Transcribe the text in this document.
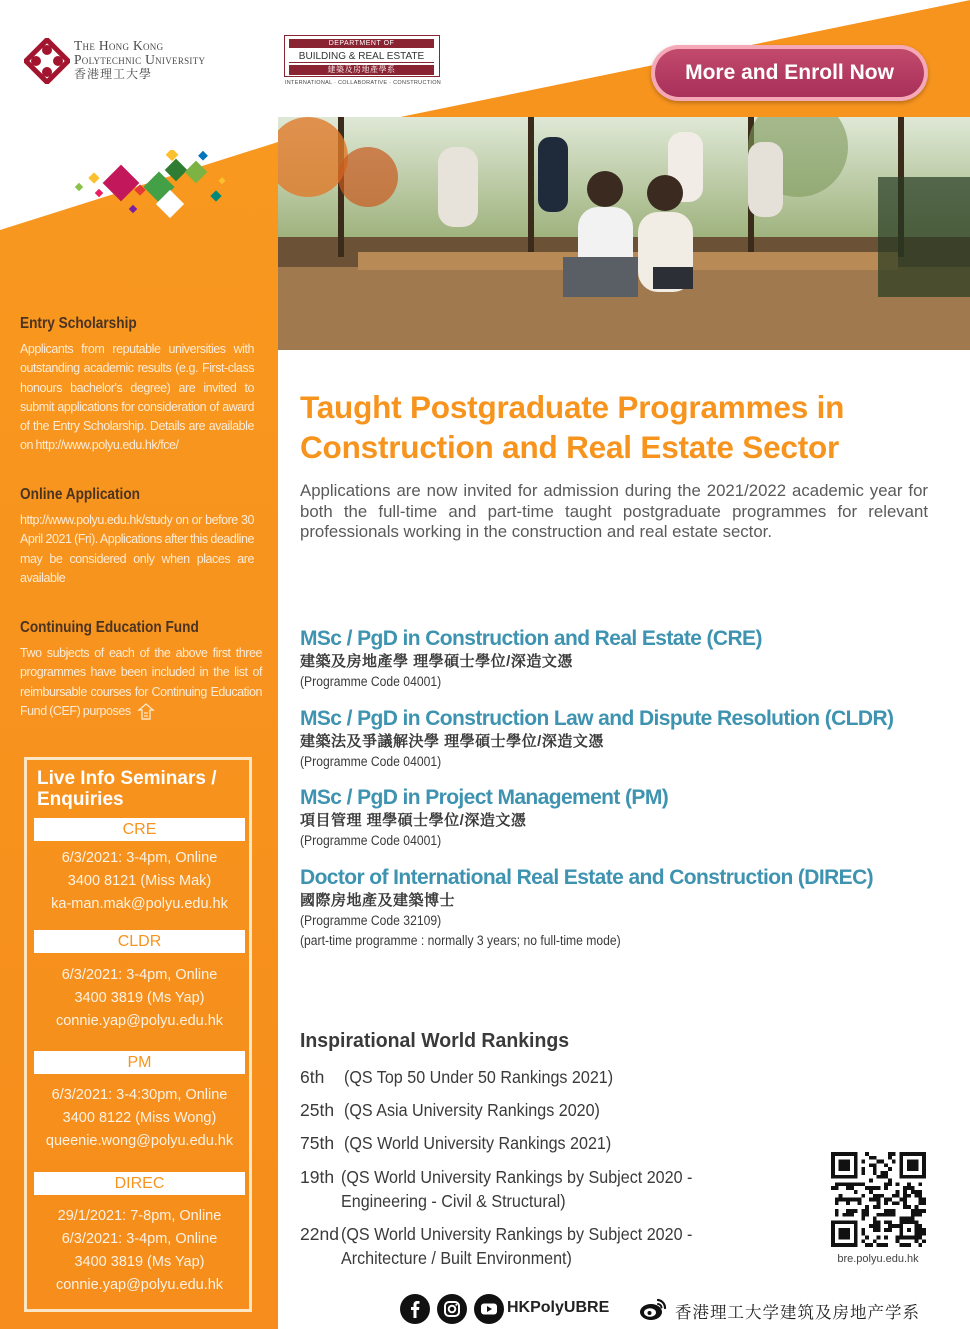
The Hong Kong
Polytechnic University
香港理工大學
DEPARTMENT OF
BUILDING & REAL ESTATE
建築及房地產學系
INTERNATIONAL · COLLABORATIVE · CONSTRUCTION	More and Enroll Now
Entry Scholarship
Applicants from reputable universities with outstanding academic results (e.g. First-class honours bachelor's degree) are invited to submit applications for consideration of award of the Entry Scholarship. Details are available on http://www.polyu.edu.hk/fce/
Online Application
http://www.polyu.edu.hk/study on or before 30 April 2021 (Fri). Applications after this deadline may be considered only when places are available
Continuing Education Fund
Two subjects of each of the above first three programmes have been included in the list of reimbursable courses for Continuing Education Fund (CEF) purposes
Live Info Seminars / Enquiries
CRE
6/3/2021: 3-4pm, Online
3400 8121 (Miss Mak)
ka-man.mak@polyu.edu.hk
CLDR
6/3/2021: 3-4pm, Online
3400 3819 (Ms Yap)
connie.yap@polyu.edu.hk
PM
6/3/2021: 3-4:30pm, Online
3400 8122 (Miss Wong)
queenie.wong@polyu.edu.hk
DIREC
29/1/2021: 7-8pm, Online
6/3/2021: 3-4pm, Online
3400 3819 (Ms Yap)
connie.yap@polyu.edu.hk
Taught Postgraduate Programmes in Construction and Real Estate Sector
Applications are now invited for admission during the 2021/2022 academic year for both the full-time and part-time taught postgraduate programmes for relevant professionals working in the construction and real estate sector.
MSc / PgD in Construction and Real Estate (CRE)
建築及房地產學 理學碩士學位/深造文憑
(Programme Code 04001)
MSc / PgD in Construction Law and Dispute Resolution (CLDR)
建築法及爭議解決學 理學碩士學位/深造文憑
(Programme Code 04001)
MSc / PgD in Project Management (PM)
項目管理 理學碩士學位/深造文憑
(Programme Code 04001)
Doctor of International Real Estate and Construction (DIREC)
國際房地產及建築博士
(Programme Code 32109)
(part-time programme : normally 3 years; no full-time mode)
Inspirational World Rankings
6th	(QS Top 50 Under 50 Rankings 2021)
25th (QS Asia University Rankings 2020)
75th (QS World University Rankings 2021)
19th (QS World University Rankings by Subject 2020 -
Engineering - Civil & Structural)
22nd (QS World University Rankings by Subject 2020 -
Architecture / Built Environment)	bre.polyu.edu.hk
HKPolyUBRE	香港理工大学建筑及房地产学系
